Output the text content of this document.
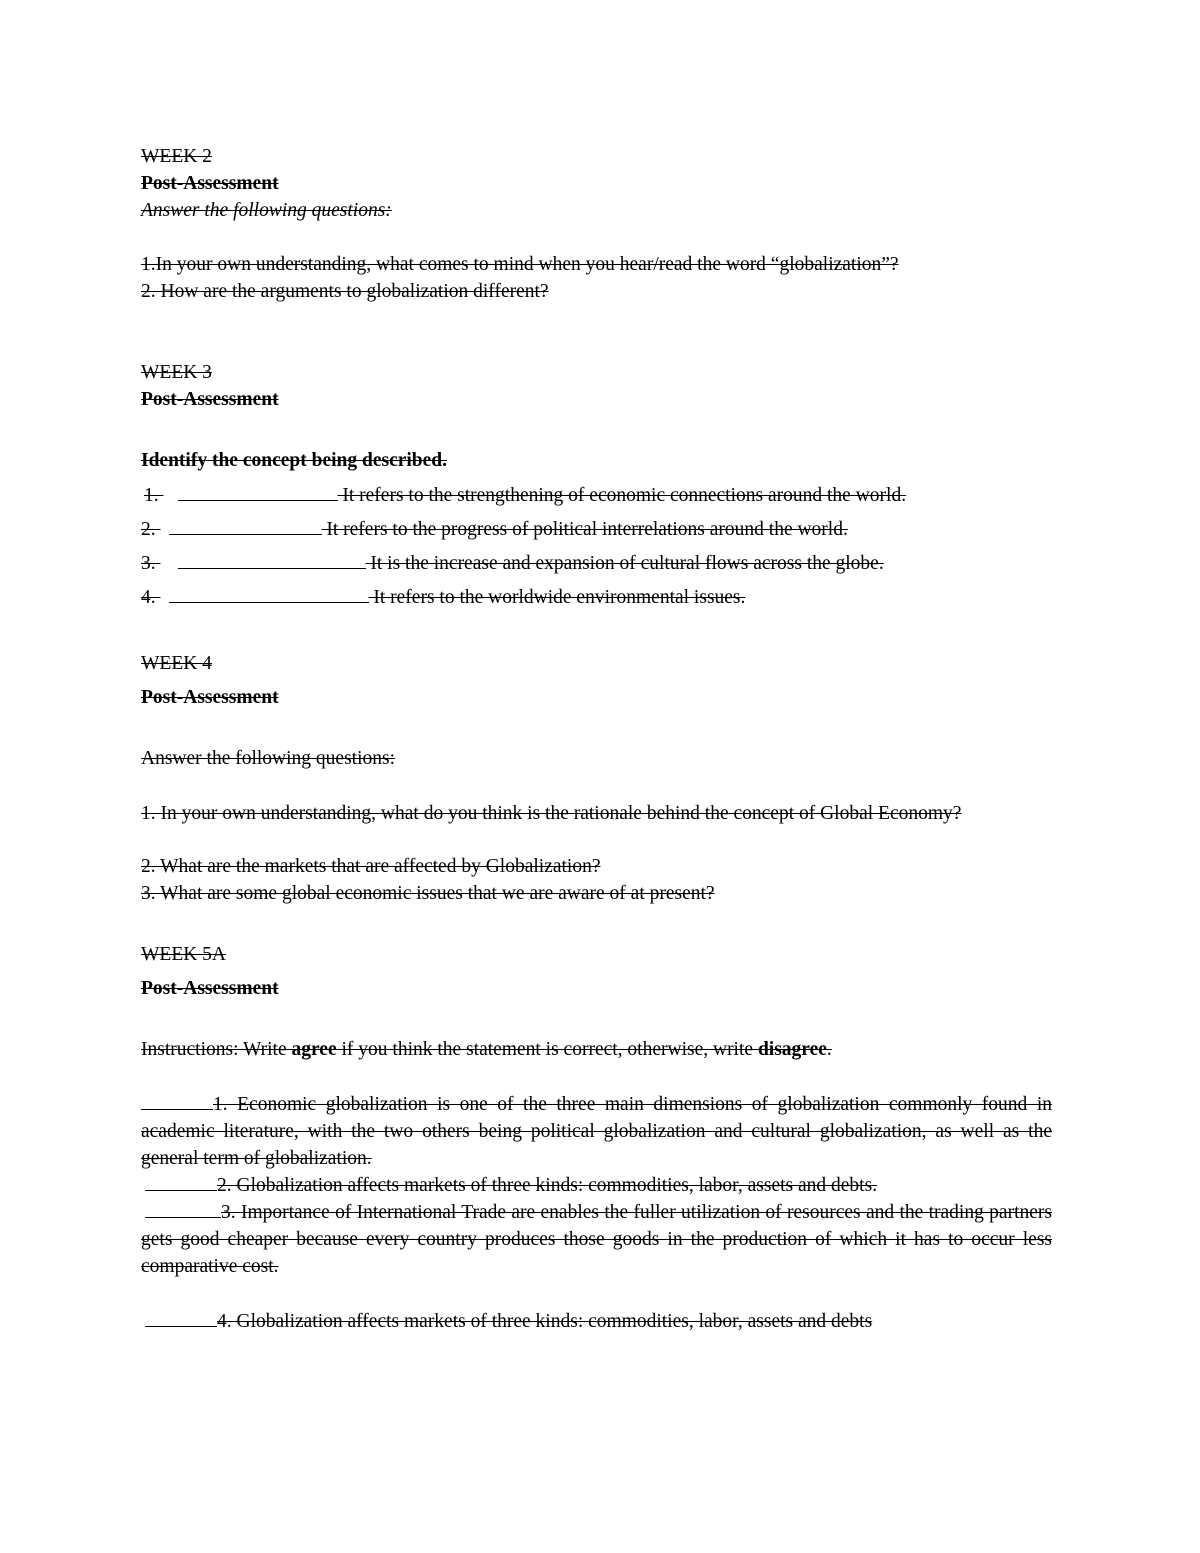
WEEK 2
Post-Assessment
Answer the following questions:
1.In your own understanding, what comes to mind when you hear/read the word “globalization”?
2. How are the arguments to globalization different?
WEEK 3
Post-Assessment
Identify the concept being described.
1.	It refers to the strengthening of economic connections around the world.
2.	It refers to the progress of political interrelations around the world.
3.	It is the increase and expansion of cultural flows across the globe.
4.	It refers to the worldwide environmental issues.
WEEK 4
Post-Assessment
Answer the following questions:
1. In your own understanding, what do you think is the rationale behind the concept of Global Economy?
2. What are the markets that are affected by Globalization?
3. What are some global economic issues that we are aware of at present?
WEEK 5A
Post-Assessment
Instructions: Write agree if you think the statement is correct, otherwise, write disagree.
1. Economic globalization is one of the three main dimensions of globalization commonly found in academic literature, with the two others being political globalization and cultural globalization, as well as the general term of globalization.
2. Globalization affects markets of three kinds: commodities, labor, assets and debts.
3. Importance of International Trade are enables the fuller utilization of resources and the trading partners gets good cheaper because every country produces those goods in the production of which it has to occur less comparative cost.
4. Globalization affects markets of three kinds: commodities, labor, assets and debts
